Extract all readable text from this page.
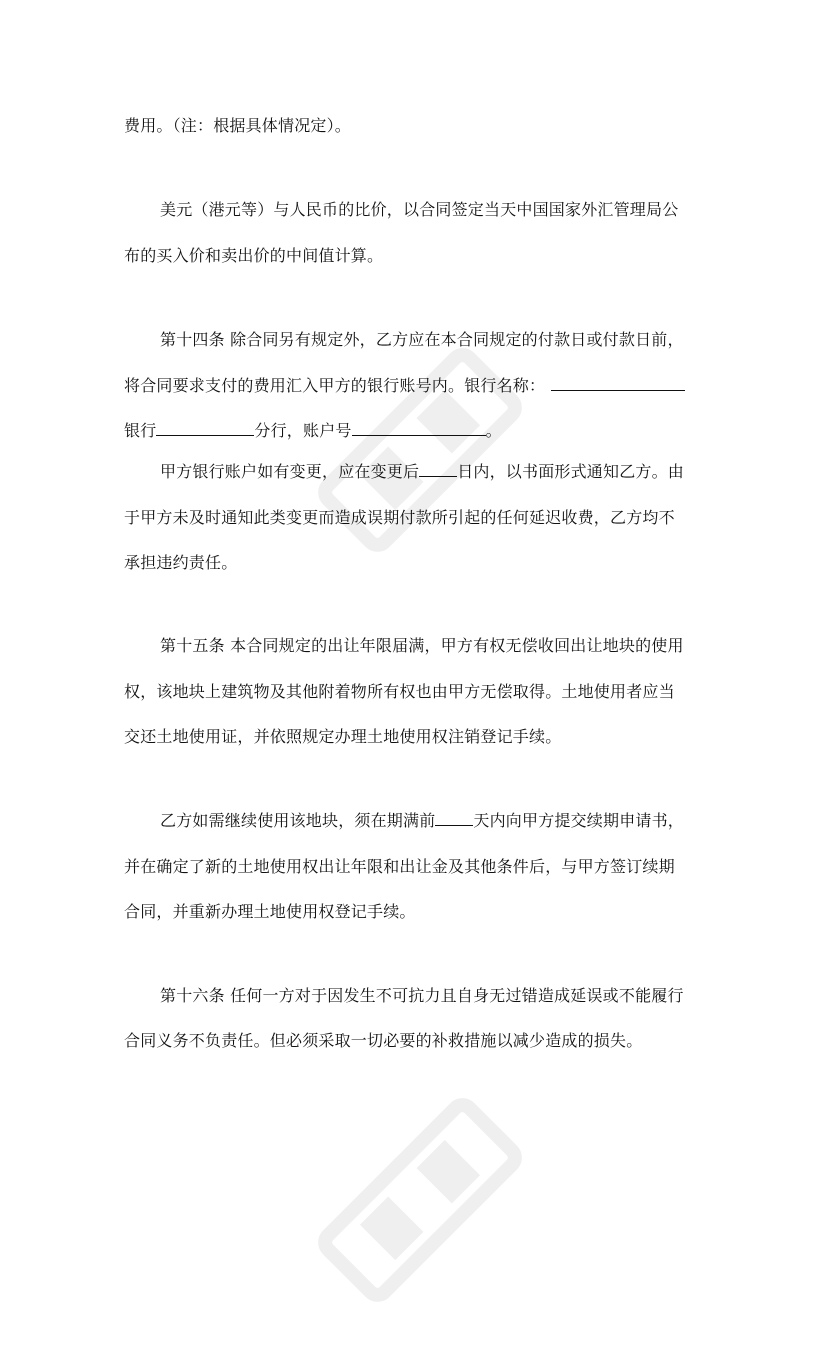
费用。（注：根据具体情况定）。
美元（港元等）与人民币的比价，以合同签定当天中国国家外汇管理局公
布的买入价和卖出价的中间值计算。
第十四条 除合同另有规定外，乙方应在本合同规定的付款日或付款日前，
将合同要求支付的费用汇入甲方的银行账号内。银行名称：
银行	分行，账户号	。
甲方银行账户如有变更，应在变更后 日内，以书面形式通知乙方。由
于甲方未及时通知此类变更而造成误期付款所引起的任何延迟收费，乙方均不
承担违约责任。
第十五条 本合同规定的出让年限届满，甲方有权无偿收回出让地块的使用
权，该地块上建筑物及其他附着物所有权也由甲方无偿取得。土地使用者应当
交还土地使用证，并依照规定办理土地使用权注销登记手续。
乙方如需继续使用该地块，须在期满前 天内向甲方提交续期申请书，
并在确定了新的土地使用权出让年限和出让金及其他条件后，与甲方签订续期
合同，并重新办理土地使用权登记手续。
第十六条 任何一方对于因发生不可抗力且自身无过错造成延误或不能履行
合同义务不负责任。但必须采取一切必要的补救措施以减少造成的损失。
